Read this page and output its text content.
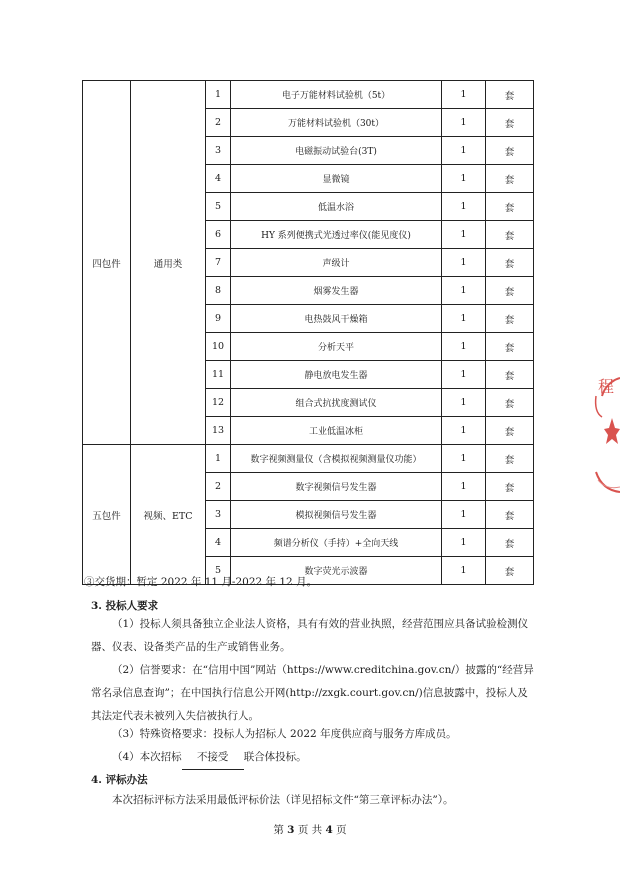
四包件	通用类	1	电子万能材料试验机（5t）	1	套
		2	万能材料试验机（30t）	1	套
		3	电磁振动试验台(3T)	1	套
		4	显微镜	1	套
		5	低温水浴	1	套
		6	HY 系列便携式光透过率仪(能见度仪)	1	套
		7	声级计	1	套
		8	烟雾发生器	1	套
		9	电热鼓风干燥箱	1	套
		10	分析天平	1	套
		11	静电放电发生器	1	套
		12	组合式抗扰度测试仪	1	套
		13	工业低温冰柜	1	套
五包件	视频、ETC	1	数字视频测量仪（含模拟视频测量仪功能）	1	套
		2	数字视频信号发生器	1	套
		3	模拟视频信号发生器	1	套
		4	频谱分析仪（手持）+全向天线	1	套
		5	数字荧光示波器	1	套
③交货期：暂定 2022 年 11 月-2022 年 12 月。
3. 投标人要求
（1）投标人须具备独立企业法人资格，具有有效的营业执照，经营范围应具备试验检测仪器、仪表、设备类产品的生产或销售业务。
（2）信誉要求：在“信用中国”网站（https://www.creditchina.gov.cn/）披露的“经营异常名录信息查询”；在中国执行信息公开网(http://zxgk.court.gov.cn/)信息披露中，投标人及其法定代表未被列入失信被执行人。
（3）特殊资格要求：投标人为招标人 2022 年度供应商与服务方库成员。
（4）本次招标 不接受 联合体投标。
4. 评标办法
本次招标评标方法采用最低评标价法（详见招标文件“第三章评标办法”）。
第 3 页 共 4 页
程
